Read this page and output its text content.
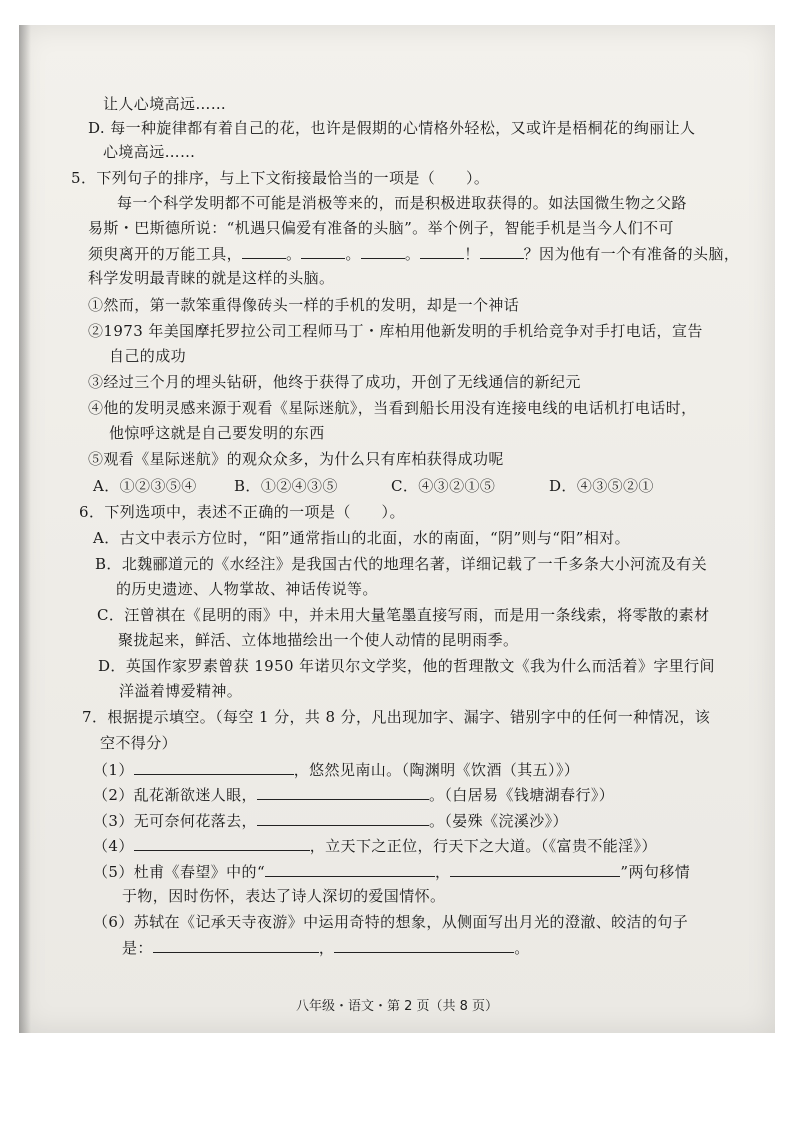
让人心境高远……
D. 每一种旋律都有着自己的花，也许是假期的心情格外轻松，又或许是梧桐花的绚丽让人
心境高远……
5．下列句子的排序，与上下文衔接最恰当的一项是（　　）。
每一个科学发明都不可能是消极等来的，而是积极进取获得的。如法国微生物之父路
易斯・巴斯德所说：“机遇只偏爱有准备的头脑”。举个例子，智能手机是当今人们不可
须臾离开的万能工具，	。	。	。	！	？因为他有一个有准备的头脑，
科学发明最青睐的就是这样的头脑。
①然而，第一款笨重得像砖头一样的手机的发明，却是一个神话
②1973 年美国摩托罗拉公司工程师马丁・库柏用他新发明的手机给竞争对手打电话，宣告
自己的成功
③经过三个月的埋头钻研，他终于获得了成功，开创了无线通信的新纪元
④他的发明灵感来源于观看《星际迷航》，当看到船长用没有连接电线的电话机打电话时，
他惊呼这就是自己要发明的东西
⑤观看《星际迷航》的观众众多，为什么只有库柏获得成功呢
A．①②③⑤④ B．①②④③⑤	C．④③②①⑤	D．④③⑤②①
6．下列选项中，表述不正确的一项是（　　）。
A．古文中表示方位时，“阳”通常指山的北面，水的南面，“阴”则与“阳”相对。
B．北魏郦道元的《水经注》是我国古代的地理名著，详细记载了一千多条大小河流及有关
的历史遗迹、人物掌故、神话传说等。
C．汪曾祺在《昆明的雨》中，并未用大量笔墨直接写雨，而是用一条线索，将零散的素材
聚拢起来，鲜活、立体地描绘出一个使人动情的昆明雨季。
D．英国作家罗素曾获 1950 年诺贝尔文学奖，他的哲理散文《我为什么而活着》字里行间
洋溢着博爱精神。
7．根据提示填空。（每空 1 分，共 8 分，凡出现加字、漏字、错别字中的任何一种情况，该
空不得分）
（1）	，悠然见南山。（陶渊明《饮酒（其五）》）
（2）乱花渐欲迷人眼，	。（白居易《钱塘湖春行》）
（3）无可奈何花落去，	。（晏殊《浣溪沙》）
（4）	，立天下之正位，行天下之大道。（《富贵不能淫》）
（5）杜甫《春望》中的“	，	”两句移情
于物，因时伤怀，表达了诗人深切的爱国情怀。
（6）苏轼在《记承天寺夜游》中运用奇特的想象，从侧面写出月光的澄澈、皎洁的句子
是：	，	。
八年级・语文・第 2 页（共 8 页）
